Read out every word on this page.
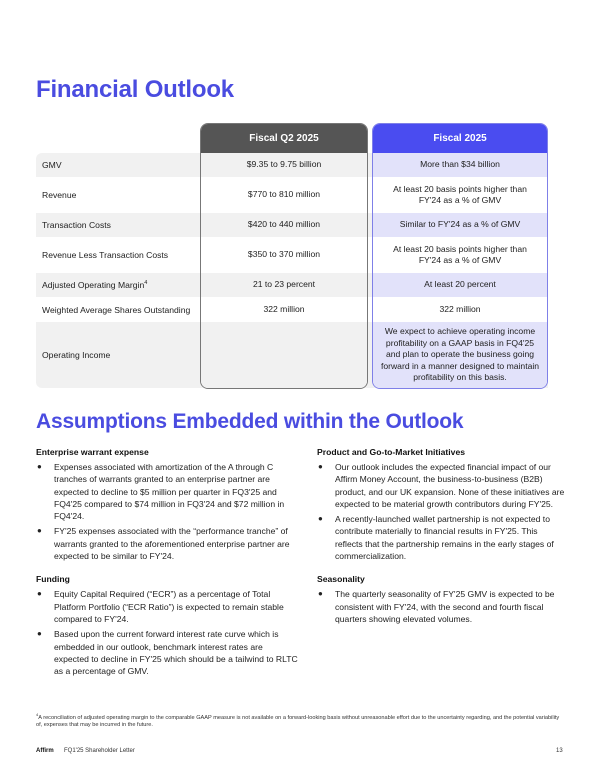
Financial Outlook
Fiscal Q2 2025
$9.35 to 9.75 billion
$770 to 810 million
$420 to 440 million
$350 to 370 million
21 to 23 percent
322 million
Fiscal 2025
More than $34 billion
At least 20 basis points higher than FY'24 as a % of GMV
Similar to FY'24 as a % of GMV
At least 20 basis points higher than FY'24 as a % of GMV
At least 20 percent
322 million
We expect to achieve operating income profitability on a GAAP basis in FQ4'25 and plan to operate the business going forward in a manner designed to maintain profitability on this basis.
GMV
Revenue
Transaction Costs
Revenue Less Transaction Costs
Adjusted Operating Margin$^4$
Weighted Average Shares Outstanding
Operating Income
Assumptions Embedded within the Outlook
Enterprise warrant expense
● Expenses associated with amortization of the A through C tranches of warrants granted to an enterprise partner are expected to decline to $5 million per quarter in FQ3'25 and FQ4'25 compared to $74 million in FQ3'24 and $72 million in FQ4'24.
● FY'25 expenses associated with the “performance tranche” of warrants granted to the aforementioned enterprise partner are expected to be similar to FY'24.
Funding
● Equity Capital Required (“ECR”) as a percentage of Total Platform Portfolio (“ECR Ratio”) is expected to remain stable compared to FY'24.
● Based upon the current forward interest rate curve which is embedded in our outlook, benchmark interest rates are expected to decline in FY'25 which should be a tailwind to RLTC as a percentage of GMV.
Product and Go-to-Market Initiatives
● Our outlook includes the expected financial impact of our Affirm Money Account, the business-to-business (B2B) product, and our UK expansion. None of these initiatives are expected to be material growth contributors during FY'25.
● A recently-launched wallet partnership is not expected to contribute materially to financial results in FY'25. This reflects that the partnership remains in the early stages of commercialization.
Seasonality
● The quarterly seasonality of FY'25 GMV is expected to be consistent with FY'24, with the second and fourth fiscal quarters showing elevated volumes.
$^4$A reconciliation of adjusted operating margin to the comparable GAAP measure is not available on a forward-looking basis without unreasonable effort due to the uncertainty regarding, and the potential variability of, expenses that may be incurred in the future.
Affirm FQ1'25 Shareholder Letter	13
